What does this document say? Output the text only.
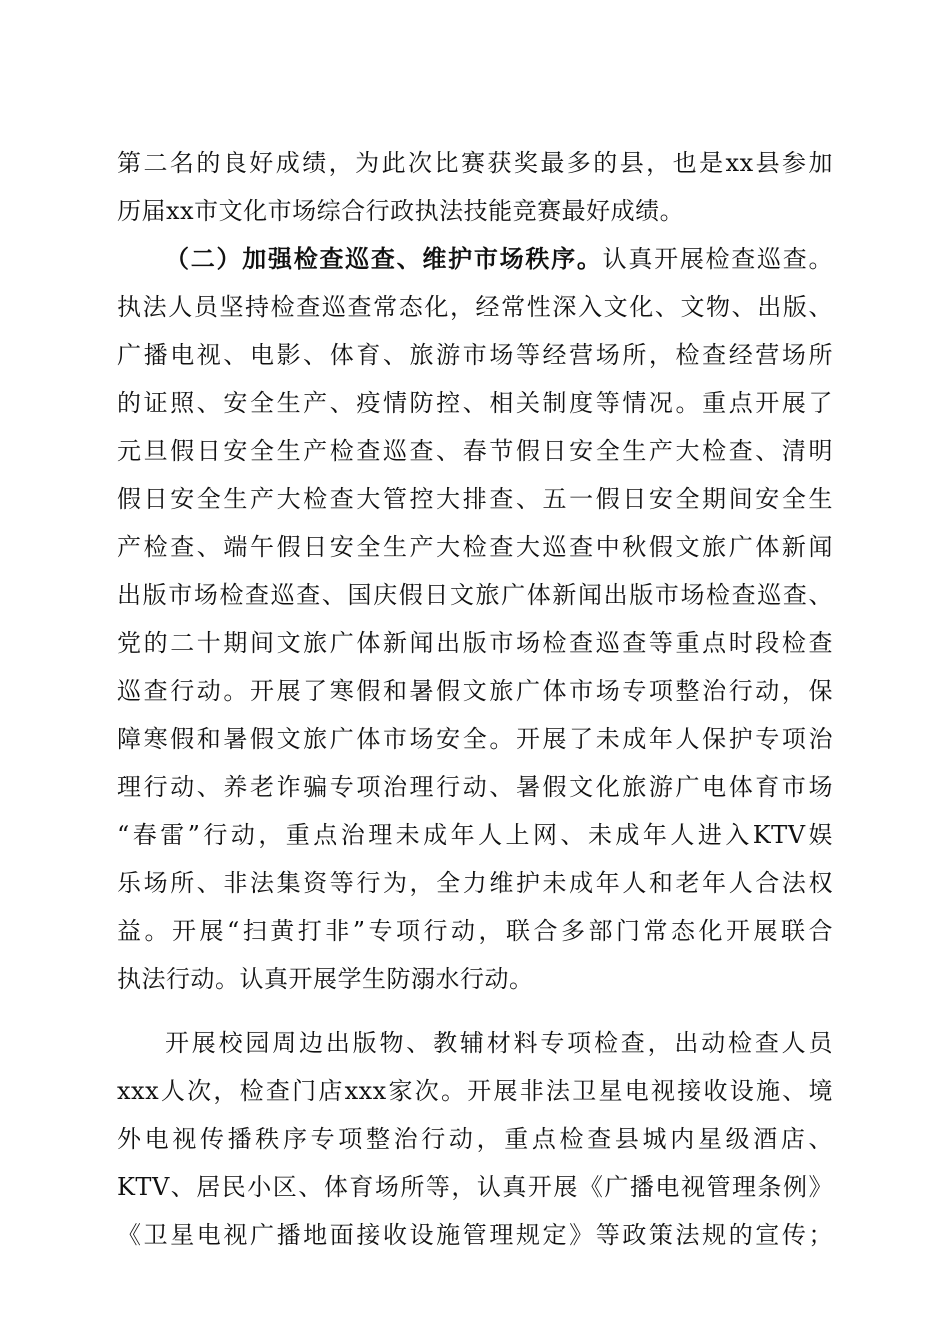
第二名的良好成绩，为此次比赛获奖最多的县，也是xx县参加
历届xx市文化市场综合行政执法技能竞赛最好成绩。
（二）加强检查巡查、维护市场秩序。认真开展检查巡查。
执法人员坚持检查巡查常态化，经常性深入文化、文物、出版、
广播电视、电影、体育、旅游市场等经营场所，检查经营场所
的证照、安全生产、疫情防控、相关制度等情况。重点开展了
元旦假日安全生产检查巡查、春节假日安全生产大检查、清明
假日安全生产大检查大管控大排查、五一假日安全期间安全生
产检查、端午假日安全生产大检查大巡查中秋假文旅广体新闻
出版市场检查巡查、国庆假日文旅广体新闻出版市场检查巡查、
党的二十期间文旅广体新闻出版市场检查巡查等重点时段检查
巡查行动。开展了寒假和暑假文旅广体市场专项整治行动，保
障寒假和暑假文旅广体市场安全。开展了未成年人保护专项治
理行动、养老诈骗专项治理行动、暑假文化旅游广电体育市场
“春雷”行动，重点治理未成年人上网、未成年人进入KTV娱
乐场所、非法集资等行为，全力维护未成年人和老年人合法权
益。开展“扫黄打非”专项行动，联合多部门常态化开展联合
执法行动。认真开展学生防溺水行动。
开展校园周边出版物、教辅材料专项检查，出动检查人员
xxx人次，检查门店xxx家次。开展非法卫星电视接收设施、境
外电视传播秩序专项整治行动，重点检查县城内星级酒店、
KTV、居民小区、体育场所等，认真开展《广播电视管理条例》
《卫星电视广播地面接收设施管理规定》等政策法规的宣传；
